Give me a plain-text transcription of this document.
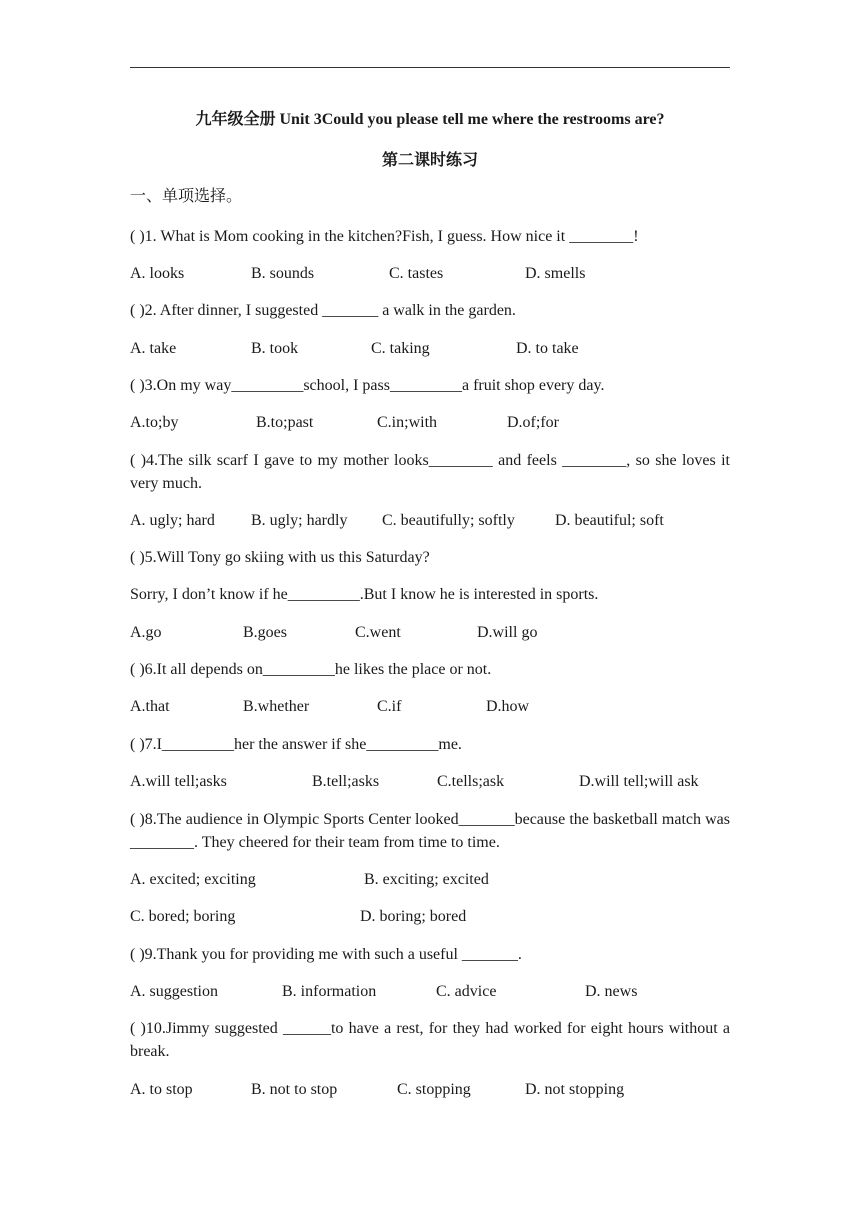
九年级全册 Unit 3Could you please tell me where the restrooms are?
第二课时练习
一、单项选择。
( )1. What is Mom cooking in the kitchen?Fish, I guess. How nice it ________!
A. looks	B. sounds	C. tastes	D. smells
( )2. After dinner, I suggested _______ a walk in the garden.
A. take	B. took	C. taking	D. to take
( )3.On my way_________school, I pass_________a fruit shop every day.
A.to;by	B.to;past	C.in;with	D.of;for
( )4.The silk scarf I gave to my mother looks________ and feels ________, so she loves it very much.
A. ugly; hard B. ugly; hardly C. beautifully; softly	D. beautiful; soft
( )5.Will Tony go skiing with us this Saturday?
Sorry, I don’t know if he_________.But I know he is interested in sports.
A.go	B.goes	C.went	D.will go
( )6.It all depends on_________he likes the place or not.
A.that	B.whether	C.if	D.how
( )7.I_________her the answer if she_________me.
A.will tell;asks	B.tell;asks	C.tells;ask	D.will tell;will ask
( )8.The audience in Olympic Sports Center looked_______because the basketball match was ________. They cheered for their team from time to time.
A. excited; exciting	B. exciting; excited
C. bored; boring	D. boring; bored
( )9.Thank you for providing me with such a useful _______.
A. suggestion	B. information	C. advice	D. news
( )10.Jimmy suggested ______to have a rest, for they had worked for eight hours without a break.
A. to stop	B. not to stop	C. stopping	D. not stopping
